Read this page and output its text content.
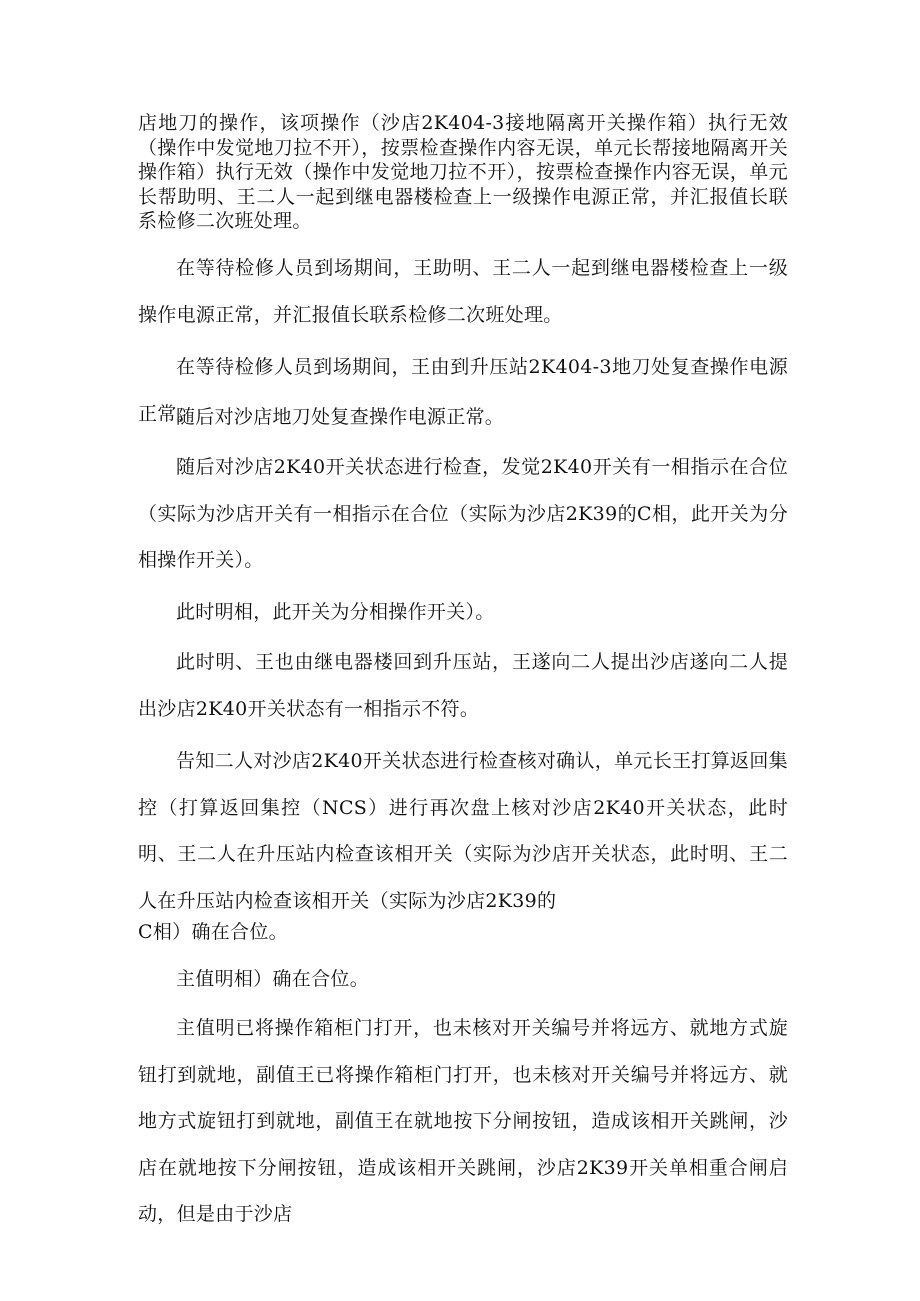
店地刀的操作，该项操作（沙店2K404-3接地隔离开关操作箱）执行无效（操作中发觉地刀拉不开），按票检查操作内容无误，单元长帮接地隔离开关操作箱）执行无效（操作中发觉地刀拉不开），按票检查操作内容无误，单元长帮助明、王二人一起到继电器楼检查上一级操作电源正常，并汇报值长联系检修二次班处理。

在等待检修人员到场期间，王助明、王二人一起到继电器楼检查上一级操作电源正常，并汇报值长联系检修二次班处理。

在等待检修人员到场期间，王由到升压站2K404-3地刀处复查操作电源正常。

随后对沙店地刀处复查操作电源正常。

随后对沙店2K40开关状态进行检查，发觉2K40开关有一相指示在合位（实际为沙店开关有一相指示在合位（实际为沙店2K39的C相，此开关为分相操作开关）。

此时明相，此开关为分相操作开关）。

此时明、王也由继电器楼回到升压站，王遂向二人提出沙店遂向二人提出沙店2K40开关状态有一相指示不符。

告知二人对沙店2K40开关状态进行检查核对确认，单元长王打算返回集控（打算返回集控（NCS）进行再次盘上核对沙店2K40开关状态，此时明、王二人在升压站内检查该相开关（实际为沙店开关状态，此时明、王二人在升压站内检查该相开关（实际为沙店2K39的

C相）确在合位。

主值明相）确在合位。

主值明已将操作箱柜门打开，也未核对开关编号并将远方、就地方式旋钮打到就地，副值王已将操作箱柜门打开，也未核对开关编号并将远方、就地方式旋钮打到就地，副值王在就地按下分闸按钮，造成该相开关跳闸，沙店在就地按下分闸按钮，造成该相开关跳闸，沙店2K39开关单相重合闸启动，但是由于沙店
